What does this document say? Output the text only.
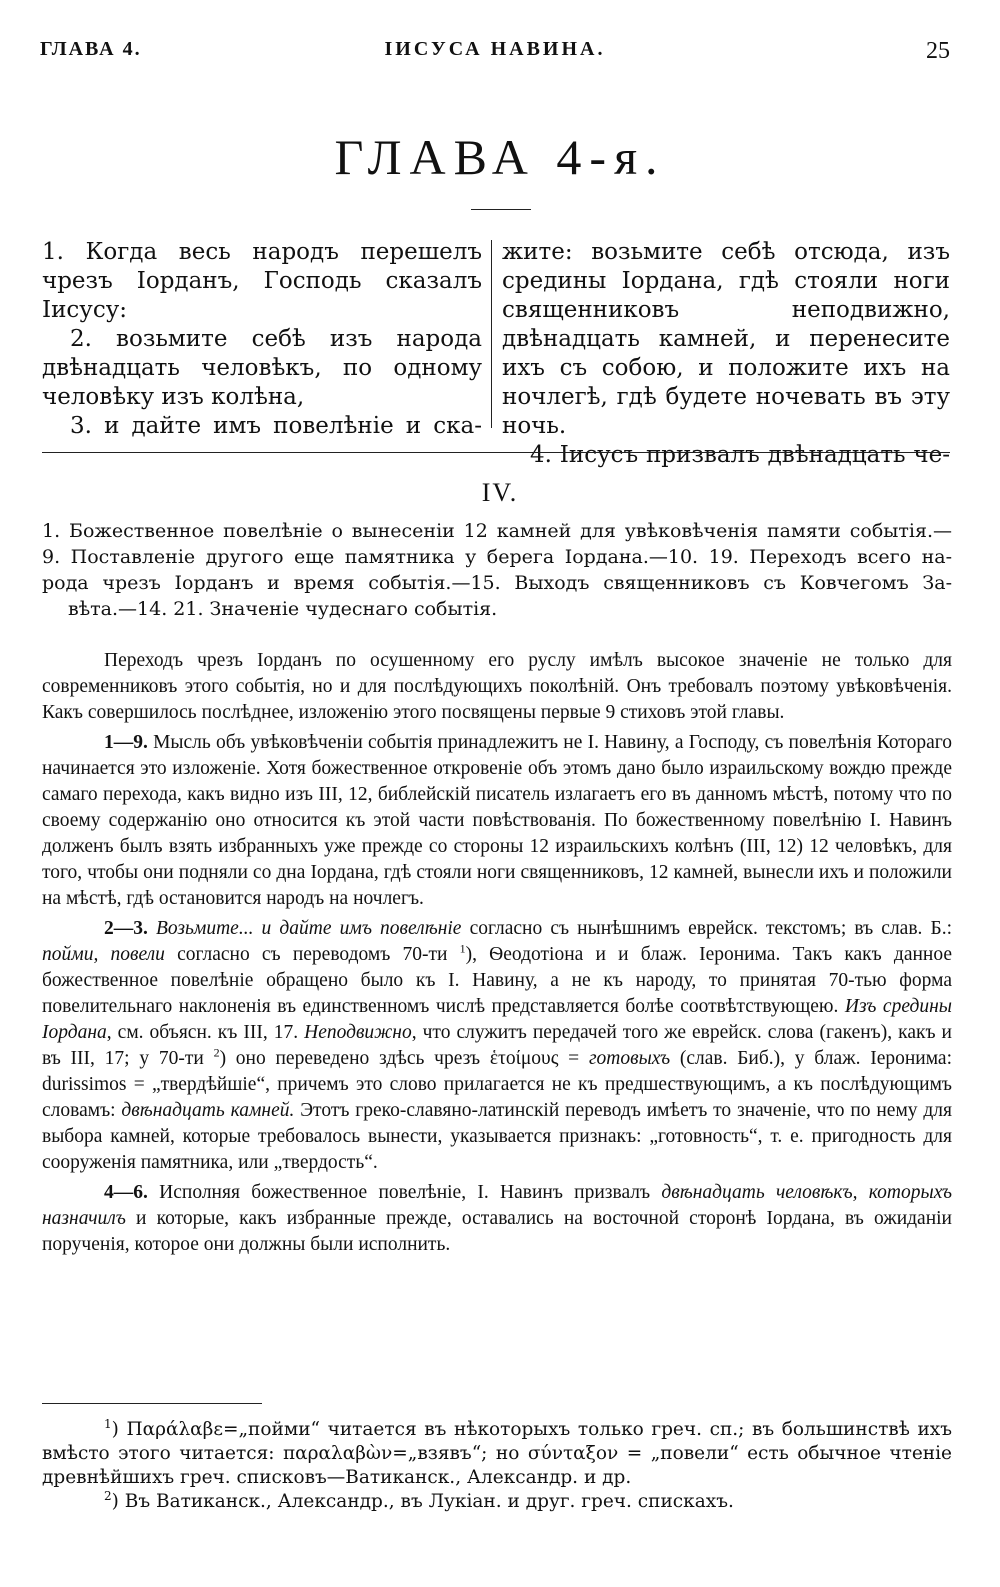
ГЛАВА 4.	ІИСУСА НАВИНА.	25
ГЛАВА 4-я.

1. Когда весь народъ перешелъ чрезъ Іорданъ, Господь сказалъ Іисусу:

2. возьмите себѣ изъ народа двѣнадцать человѣкъ, по одному человѣку изъ колѣна,

3. и дайте имъ повелѣніе и ска-

жите: возьмите себѣ отсюда, изъ средины Іордана, гдѣ стояли ноги священниковъ неподвижно, двѣнадцать камней, и перенесите ихъ съ собою, и положите ихъ на ночлегѣ, гдѣ будете ночевать въ эту ночь.

4. Іисусъ призвалъ двѣнадцать че-

IV.
1. Божественное повелѣніе о вынесеніи 12 камней для увѣковѣченія памяти событія.—
9. Поставленіе другого еще памятника у берега Іордана.—10. 19. Переходъ всего на-
рода чрезъ Іорданъ и время событія.—15. Выходъ священниковъ съ Ковчегомъ За-
вѣта.—14. 21. Значеніе чудеснаго событія.

Переходъ чрезъ Іорданъ по осушенному его руслу имѣлъ высокое значеніе не только для современниковъ этого событія, но и для послѣдующихъ поколѣній. Онъ требовалъ поэтому увѣковѣченія. Какъ совершилось послѣднее, изложенію этого посвящены первые 9 стиховъ этой главы.

1—9. Мысль объ увѣковѣченіи событія принадлежитъ не І. Навину, а Господу, съ повелѣнія Котораго начинается это изложеніе. Хотя божественное откровеніе объ этомъ дано было израильскому вождю прежде самаго перехода, какъ видно изъ III, 12, библейскій писатель излагаетъ его въ данномъ мѣстѣ, потому что по своему содержанію оно относится къ этой части повѣствованія. По божественному повелѣнію І. Навинъ долженъ былъ взять избранныхъ уже прежде со стороны 12 израильскихъ колѣнъ (III, 12) 12 человѣкъ, для того, чтобы они подняли со дна Іордана, гдѣ стояли ноги священниковъ, 12 камней, вынесли ихъ и положили на мѣстѣ, гдѣ остановится народъ на ночлегъ.

2—3. Возьмите... и дайте имъ повелѣніе согласно съ нынѣшнимъ еврейск. текстомъ; въ слав. Б.: пойми, повели согласно съ переводомъ 70-ти $^1$), Ѳеодотіона и и блаж. Іеронима. Такъ какъ данное божественное повелѣніе обращено было къ І. Навину, а не къ народу, то принятая 70-тью форма повелительнаго наклоненія въ единственномъ числѣ представляется болѣе соотвѣтствующею. Изъ средины Іордана, см. объясн. къ III, 17. Неподвижно, что служитъ передачей того же еврейск. слова (гакенъ), какъ и въ III, 17; у 70-ти $^2$) оно переведено здѣсь чрезъ ἑτοίμους = готовыхъ (слав. Биб.), у блаж. Іеронима: durissimos = „твердѣйшіе“, причемъ это слово прилагается не къ предшествующимъ, а къ послѣдующимъ словамъ: двѣнадцать камней. Этотъ греко-славяно-латинскій переводъ имѣетъ то значеніе, что по нему для выбора камней, которые требовалось вынести, указывается признакъ: „готовность“, т. е. пригодность для сооруженія памятника, или „твердость“.

4—6. Исполняя божественное повелѣніе, І. Навинъ призвалъ двѣнадцать человѣкъ, которыхъ назначилъ и которые, какъ избранные прежде, оставались на восточной сторонѣ Іордана, въ ожиданіи порученія, которое они должны были исполнить.

$^1$) Παράλαβε=„пойми“ читается въ нѣкоторыхъ только греч. сп.; въ большинствѣ ихъ вмѣсто этого читается: παραλαβὼν=„взявъ“; но σύνταξον = „повели“ есть обычное чтеніе древнѣйшихъ греч. списковъ—Ватиканск., Александр. и др.

$^2$) Въ Ватиканск., Александр., въ Лукіан. и друг. греч. спискахъ.
